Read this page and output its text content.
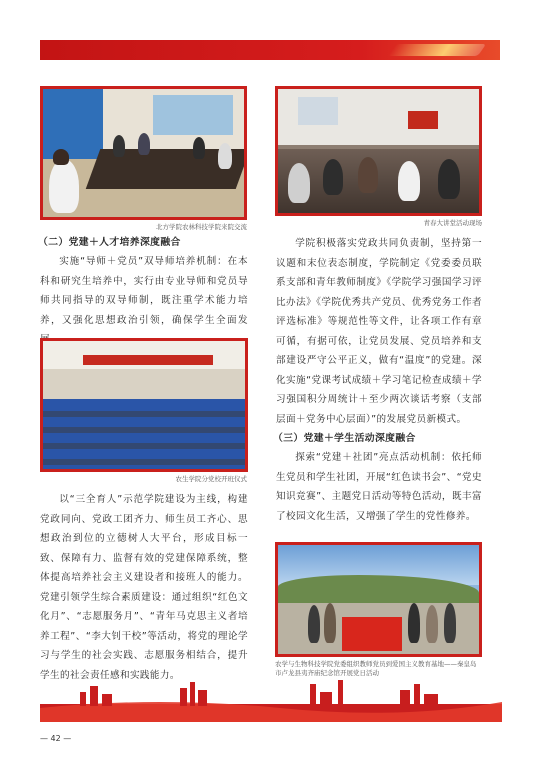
北方学院农林科技学院来院交流	青春大讲堂活动现场
（二）党建＋人才培养深度融合
实施“导师＋党员”双导师培养机制：在本科和研究生培养中，实行由专业导师和党员导师共同指导的双导师制，既注重学术能力培养，又强化思想政治引领，确保学生全面发
农生学院分党校开班仪式
以“三全育人”示范学院建设为主线，构建党政同向、党政工团齐力、师生员工齐心、思想政治到位的立德树人大平台，形成目标一致、保障有力、监督有效的党建保障系统，整体提高培养社会主义建设者和接班人的能力。党建引领学生综合素质建设：通过组织“红色文化月”、“志愿服务月”、“青年马克思主义者培养工程”、“李大钊干校”等活动，将党的理论学习与学生的社会实践、志愿服务相结合，提升学生的社会责任感和实践能力。
学院积极落实党政共同负责制，坚持第一议题和末位表态制度，学院制定《党委委员联系支部和青年教师制度》《学院学习强国学习评比办法》《学院优秀共产党员、优秀党务工作者评选标准》等规范性等文件，让各项工作有章可循，有据可依，让党员发展、党员培养和支部建设严守公平正义，做有“温度”的党建。深化实施“党课考试成绩＋学习笔记检查成绩＋学习强国积分周统计＋至少两次谈话考察（支部层面＋党务中心层面）”的发展党员新模式。
（三）党建＋学生活动深度融合
探索“党建＋社团”亮点活动机制：依托师生党员和学生社团，开展“红色读书会”、“党史知识竞赛”、主题党日活动等特色活动，既丰富了校园文化生活，又增强了学生的党性修养。
农学与生物科技学院党委组织教师党员到爱国主义教育基地——秦皇岛市卢龙县夷齐庙纪念馆开展党日活动
— 42 —
